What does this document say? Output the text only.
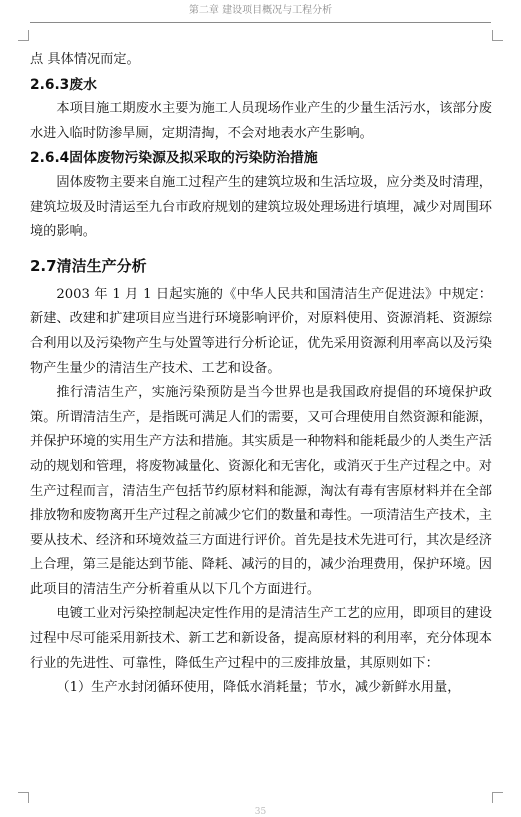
第二章 建设项目概况与工程分析

点 具体情况而定。

2.6.3废水

本项目施工期废水主要为施工人员现场作业产生的少量生活污水，该部分废水进入临时防渗旱厕，定期清掏，不会对地表水产生影响。

2.6.4固体废物污染源及拟采取的污染防治措施

固体废物主要来自施工过程产生的建筑垃圾和生活垃圾，应分类及时清理，建筑垃圾及时清运至九台市政府规划的建筑垃圾处理场进行填埋，减少对周围环境的影响。

2.7清洁生产分析

2003 年 1 月 1 日起实施的《中华人民共和国清洁生产促进法》中规定：新建、改建和扩建项目应当进行环境影响评价，对原料使用、资源消耗、资源综合利用以及污染物产生与处置等进行分析论证，优先采用资源利用率高以及污染物产生量少的清洁生产技术、工艺和设备。

推行清洁生产，实施污染预防是当今世界也是我国政府提倡的环境保护政策。所谓清洁生产，是指既可满足人们的需要，又可合理使用自然资源和能源，并保护环境的实用生产方法和措施。其实质是一种物料和能耗最少的人类生产活动的规划和管理，将废物减量化、资源化和无害化，或消灭于生产过程之中。对生产过程而言，清洁生产包括节约原材料和能源，淘汰有毒有害原材料并在全部排放物和废物离开生产过程之前减少它们的数量和毒性。一项清洁生产技术，主要从技术、经济和环境效益三方面进行评价。首先是技术先进可行，其次是经济上合理，第三是能达到节能、降耗、减污的目的，减少治理费用，保护环境。因此项目的清洁生产分析着重从以下几个方面进行。

电镀工业对污染控制起决定性作用的是清洁生产工艺的应用，即项目的建设过程中尽可能采用新技术、新工艺和新设备，提高原材料的利用率，充分体现本行业的先进性、可靠性，降低生产过程中的三废排放量，其原则如下：

（1）生产水封闭循环使用，降低水消耗量；节水，减少新鲜水用量，

35
